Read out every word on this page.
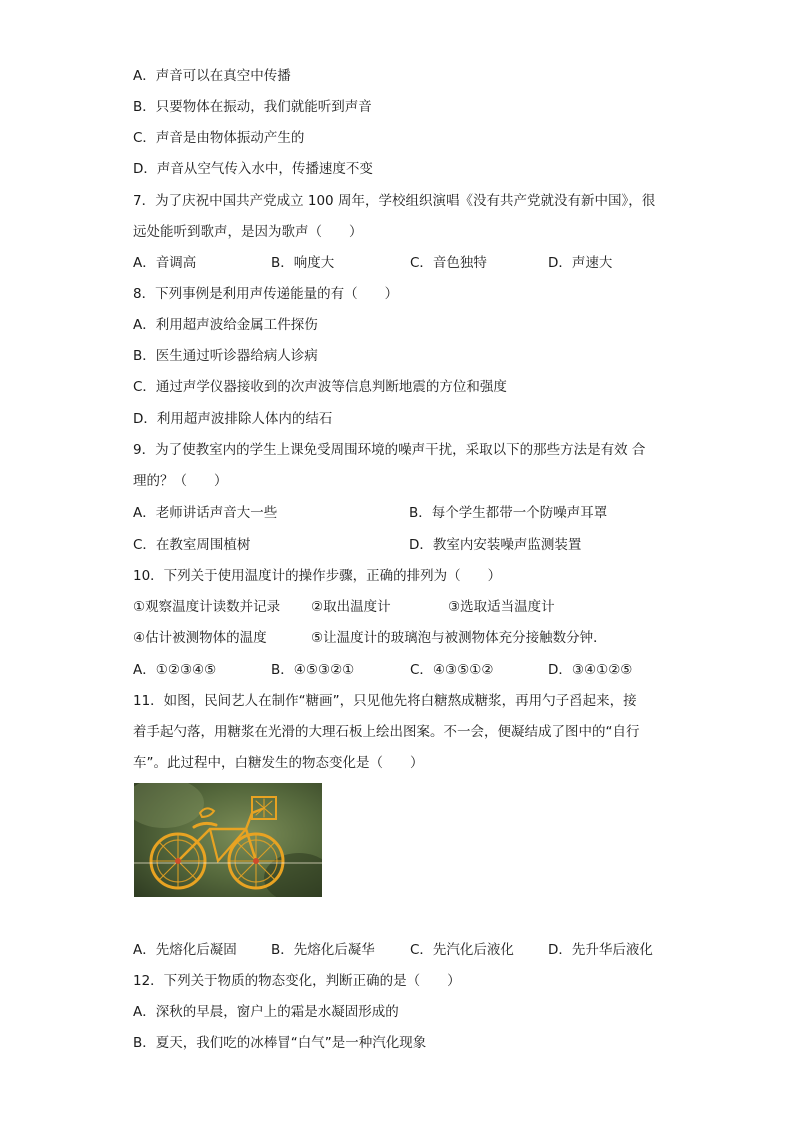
A．声音可以在真空中传播
B．只要物体在振动，我们就能听到声音
C．声音是由物体振动产生的
D．声音从空气传入水中，传播速度不变
7．为了庆祝中国共产党成立 100 周年，学校组织演唱《没有共产党就没有新中国》，很
远处能听到歌声，是因为歌声（　　）
A．音调高	B．响度大	C．音色独特	D．声速大
8．下列事例是利用声传递能量的有（　　）
A．利用超声波给金属工件探伤
B．医生通过听诊器给病人诊病
C．通过声学仪器接收到的次声波等信息判断地震的方位和强度
D．利用超声波排除人体内的结石
9．为了使教室内的学生上课免受周围环境的噪声干扰，采取以下的那些方法是有效 合
理的？（　　）
A．老师讲话声音大一些	B．每个学生都带一个防噪声耳罩
C．在教室周围植树	D．教室内安装噪声监测装置
10．下列关于使用温度计的操作步骤，正确的排列为（　　）
①观察温度计读数并记录 ②取出温度计	③选取适当温度计
④估计被测物体的温度	⑤让温度计的玻璃泡与被测物体充分接触数分钟．
A．①②③④⑤	B．④⑤③②①	C．④③⑤①②	D．③④①②⑤
11．如图，民间艺人在制作“糖画”，只见他先将白糖熬成糖浆，再用勺子舀起来，接
着手起勺落，用糖浆在光滑的大理石板上绘出图案。不一会，便凝结成了图中的“自行
车”。此过程中，白糖发生的物态变化是（　　）
A．先熔化后凝固	B．先熔化后凝华	C．先汽化后液化	D．先升华后液化
12．下列关于物质的物态变化，判断正确的是（　　）
A．深秋的早晨，窗户上的霜是水凝固形成的
B．夏天，我们吃的冰棒冒“白气”是一种汽化现象
